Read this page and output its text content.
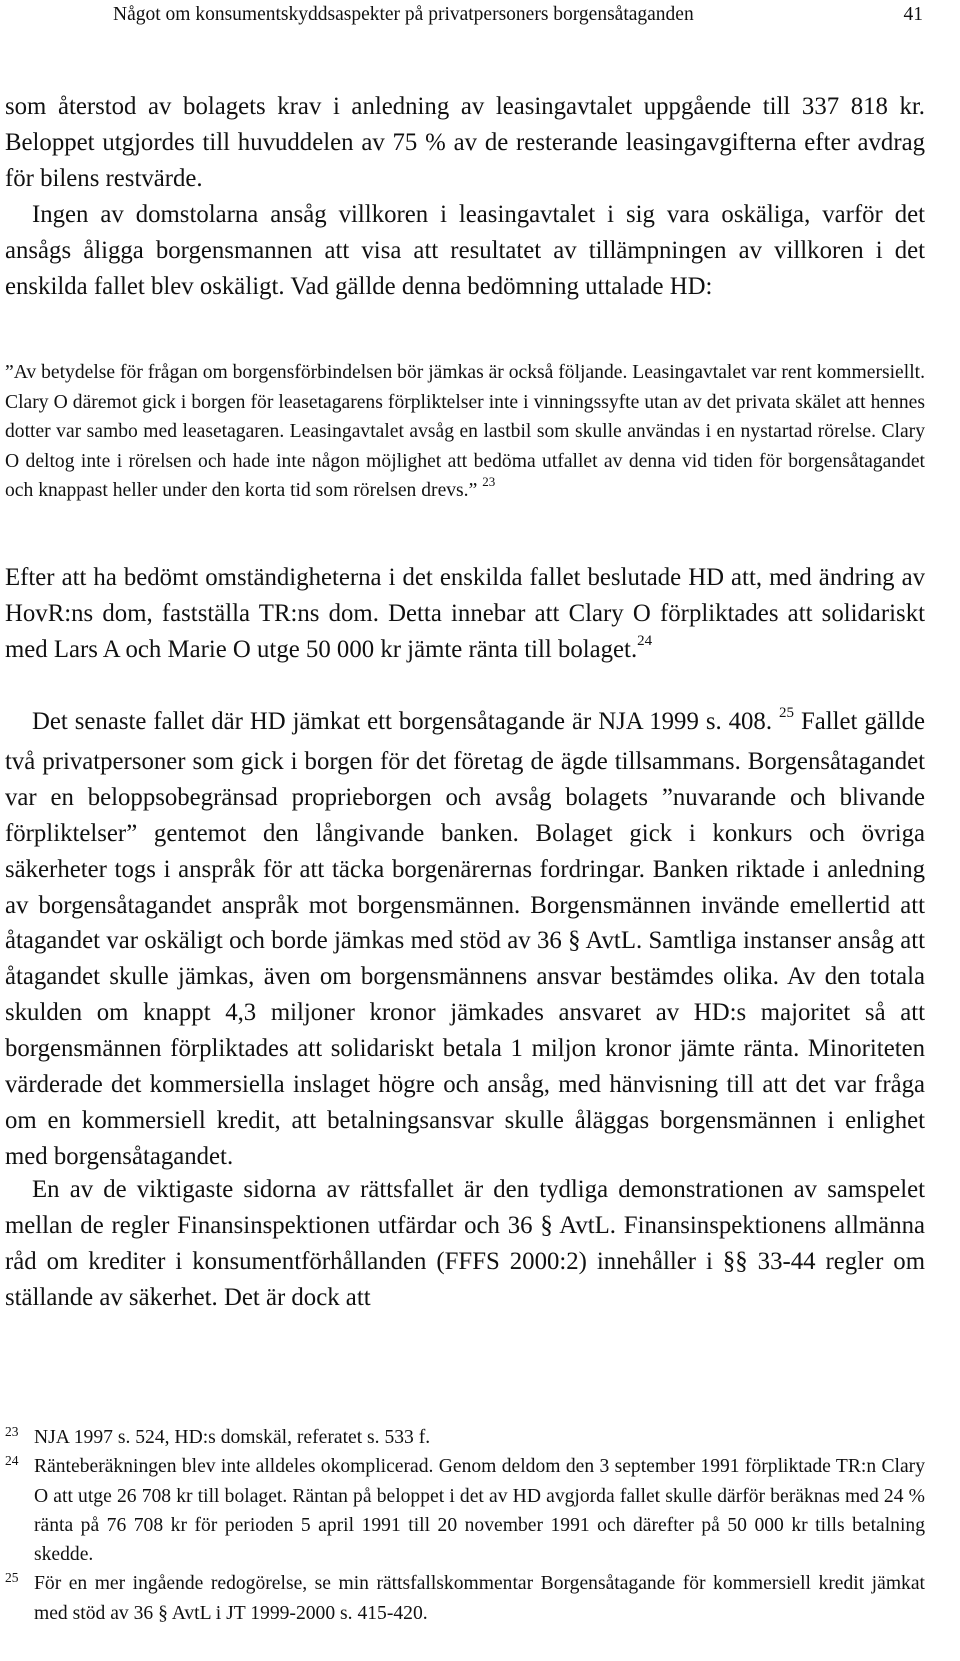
Något om konsumentskyddsaspekter på privatpersoners borgensåtaganden	41

som återstod av bolagets krav i anledning av leasingavtalet uppgående till 337 818 kr. Beloppet utgjordes till huvuddelen av 75 % av de resterande leasingavgifterna efter avdrag för bilens restvärde.

Ingen av domstolarna ansåg villkoren i leasingavtalet i sig vara oskäliga, varför det ansågs åligga borgensmannen att visa att resultatet av tillämpningen av villkoren i det enskilda fallet blev oskäligt. Vad gällde denna bedömning uttalade HD:

”Av betydelse för frågan om borgensförbindelsen bör jämkas är också följande. Leasingavtalet var rent kommersiellt. Clary O däremot gick i borgen för leasetagarens förpliktelser inte i vinningssyfte utan av det privata skälet att hennes dotter var sambo med leasetagaren. Leasingavtalet avsåg en lastbil som skulle användas i en nystartad rörelse. Clary O deltog inte i rörelsen och hade inte någon möjlighet att bedöma utfallet av denna vid tiden för borgensåtagandet och knappast heller under den korta tid som rörelsen drevs.” $^{23}$

Efter att ha bedömt omständigheterna i det enskilda fallet beslutade HD att, med ändring av HovR:ns dom, fastställa TR:ns dom. Detta innebar att Clary O förpliktades att solidariskt med Lars A och Marie O utge 50 000 kr jämte ränta till bolaget.$^{24}$

Det senaste fallet där HD jämkat ett borgensåtagande är NJA 1999 s. 408. $^{25}$ Fallet gällde två privatpersoner som gick i borgen för det företag de ägde tillsammans. Borgensåtagandet var en beloppsobegränsad proprieborgen och avsåg bolagets ”nuvarande och blivande förpliktelser” gentemot den långivande banken. Bolaget gick i konkurs och övriga säkerheter togs i anspråk för att täcka borgenärernas fordringar. Banken riktade i anledning av borgensåtagandet anspråk mot borgensmännen. Borgensmännen invände emellertid att åtagandet var oskäligt och borde jämkas med stöd av 36 § AvtL. Samtliga instanser ansåg att åtagandet skulle jämkas, även om borgensmännens ansvar bestämdes olika. Av den totala skulden om knappt 4,3 miljoner kronor jämkades ansvaret av HD:s majoritet så att borgensmännen förpliktades att solidariskt betala 1 miljon kronor jämte ränta. Minoriteten värderade det kommersiella inslaget högre och ansåg, med hänvisning till att det var fråga om en kommersiell kredit, att betalningsansvar skulle åläggas borgensmännen i enlighet med borgensåtagandet.

En av de viktigaste sidorna av rättsfallet är den tydliga demonstrationen av samspelet mellan de regler Finansinspektionen utfärdar och 36 § AvtL. Finansinspektionens allmänna råd om krediter i konsumentförhållanden (FFFS 2000:2) innehåller i §§ 33-44 regler om ställande av säkerhet. Det är dock att

23 NJA 1997 s. 524, HD:s domskäl, referatet s. 533 f.

24 Ränteberäkningen blev inte alldeles okomplicerad. Genom deldom den 3 september 1991 förpliktade TR:n Clary O att utge 26 708 kr till bolaget. Räntan på beloppet i det av HD avgjorda fallet skulle därför beräknas med 24 % ränta på 76 708 kr för perioden 5 april 1991 till 20 november 1991 och därefter på 50 000 kr tills betalning skedde.

25 För en mer ingående redogörelse, se min rättsfallskommentar Borgensåtagande för kommersiell kredit jämkat med stöd av 36 § AvtL i JT 1999-2000 s. 415-420.
